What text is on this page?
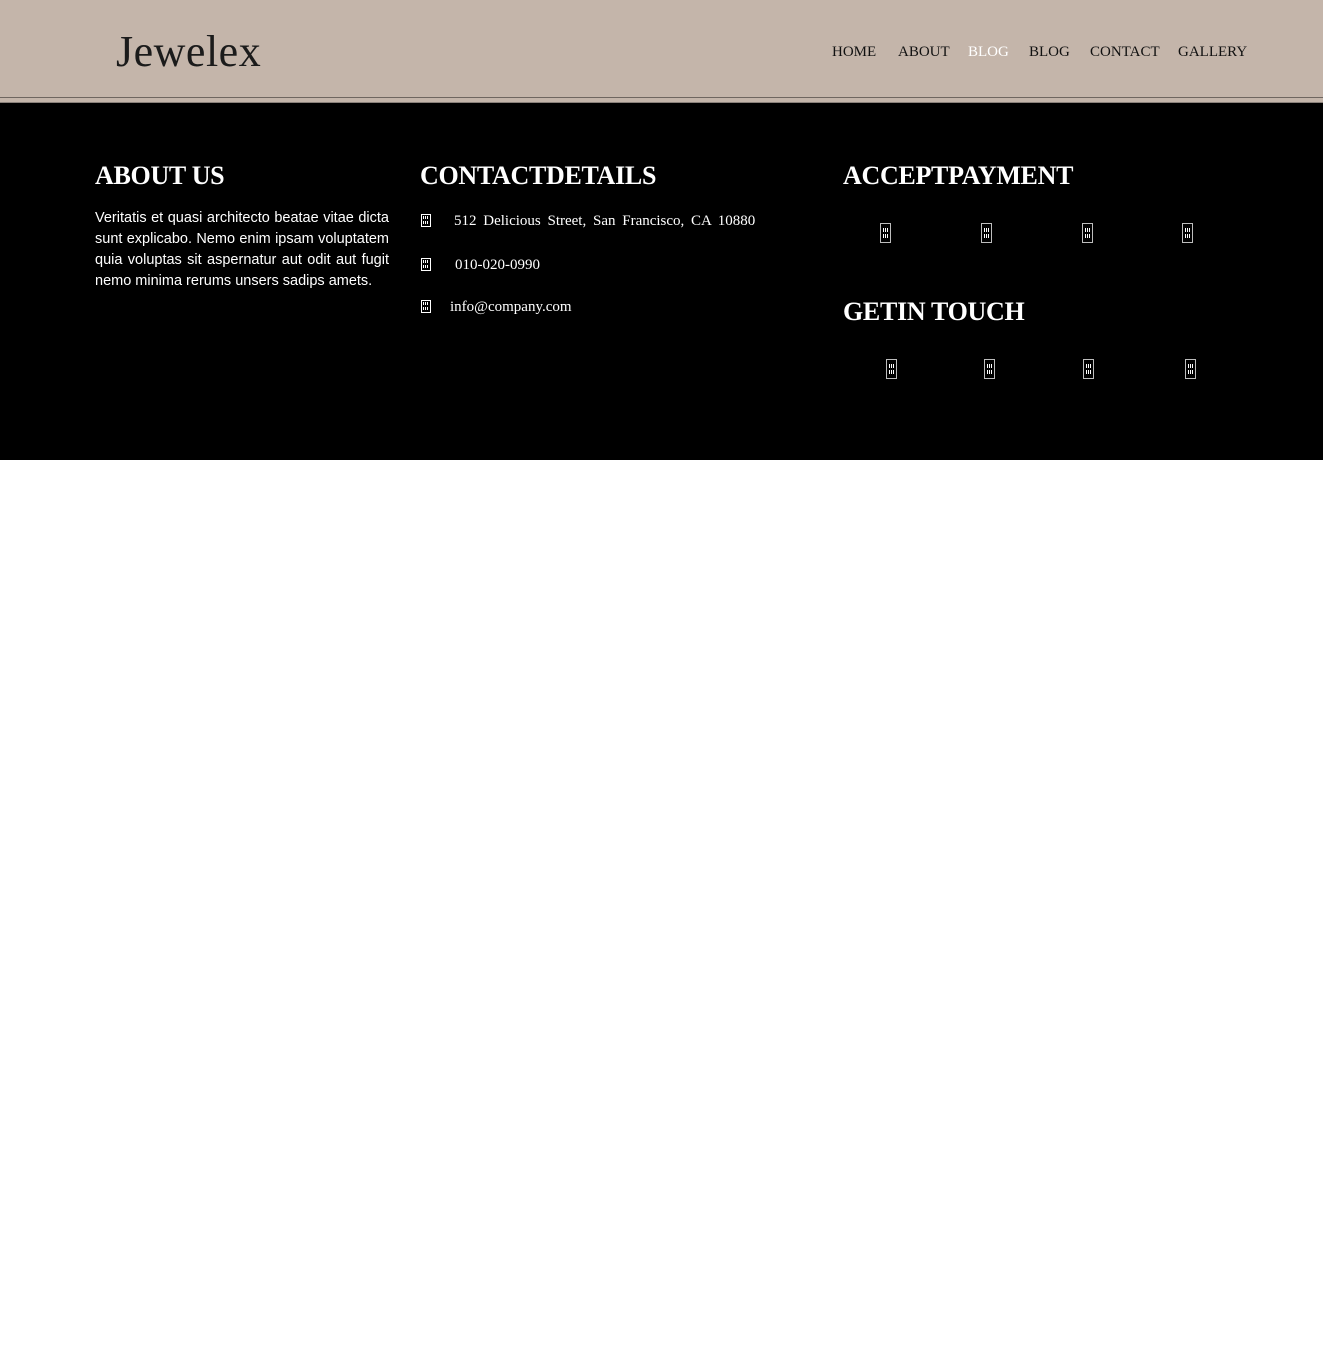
Jewelex	HOME ABOUT BLOG BLOG CONTACT GALLERY
ABOUT US
Veritatis et quasi architecto beatae vitae dicta sunt explicabo. Nemo enim ipsam voluptatem quia voluptas sit aspernatur aut odit aut fugit nemo minima rerums unsers sadips amets.
CONTACTDETAILS
512 Delicious Street, San Francisco, CA 10880
010-020-0990
info@company.com
ACCEPTPAYMENT
GETIN TOUCH
